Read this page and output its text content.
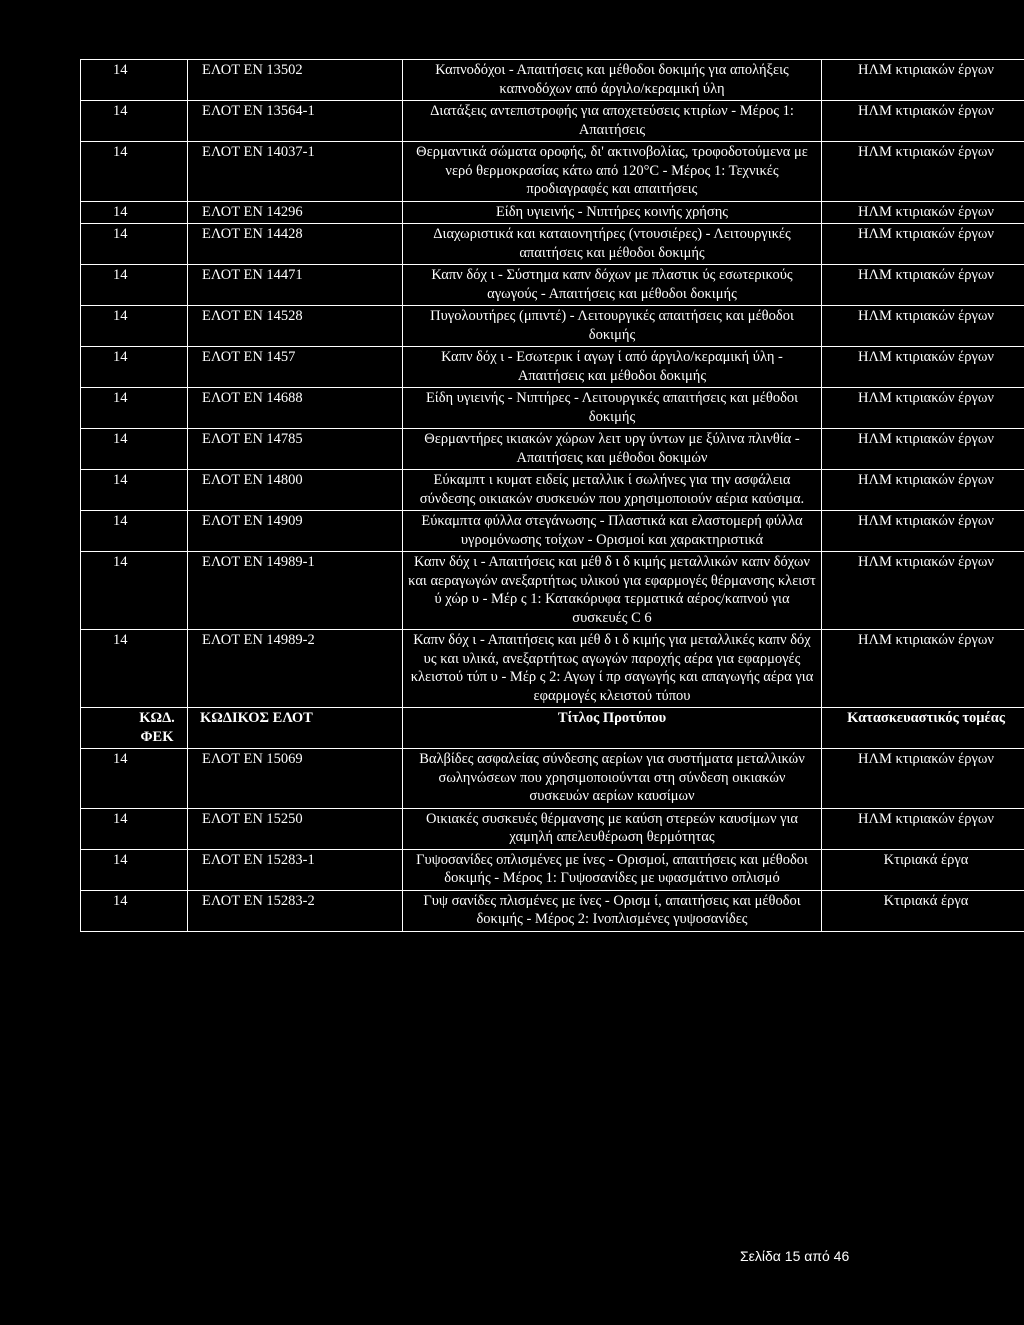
14	ΕΛΟΤ ΕΝ 13502	Καπνοδόχοι - Απαιτήσεις και μέθοδοι δοκιμής για απολήξεις καπνοδόχων από άργιλο/κεραμική ύλη	ΗΛΜ κτιριακών έργων
14	ΕΛΟΤ ΕΝ 13564-1	Διατάξεις αντεπιστροφής για αποχετεύσεις κτιρίων - Μέρος 1: Απαιτήσεις	ΗΛΜ κτιριακών έργων
14	ΕΛΟΤ ΕΝ 14037-1	Θερμαντικά σώματα οροφής, δι' ακτινοβολίας, τροφοδοτούμενα με νερό θερμοκρασίας κάτω από 120°C - Μέρος 1: Τεχνικές προδιαγραφές και απαιτήσεις	ΗΛΜ κτιριακών έργων
14	ΕΛΟΤ ΕΝ 14296	Είδη υγιεινής - Νιπτήρες κοινής χρήσης	ΗΛΜ κτιριακών έργων
14	ΕΛΟΤ ΕΝ 14428	Διαχωριστικά και καταιονητήρες (ντουσιέρες) - Λειτουργικές απαιτήσεις και μέθοδοι δοκιμής	ΗΛΜ κτιριακών έργων
14	ΕΛΟΤ ΕΝ 14471	Καπν δόχ ι - Σύστημα καπν δόχων με πλαστικ ύς εσωτερικούς αγωγούς - Απαιτήσεις και μέθοδοι δοκιμής	ΗΛΜ κτιριακών έργων
14	ΕΛΟΤ ΕΝ 14528	Πυγολουτήρες (μπιντέ) - Λειτουργικές απαιτήσεις και μέθοδοι δοκιμής	ΗΛΜ κτιριακών έργων
14	ΕΛΟΤ ΕΝ 1457	Καπν δόχ ι - Εσωτερικ ί αγωγ ί από άργιλο/κεραμική ύλη - Απαιτήσεις και μέθοδοι δοκιμής	ΗΛΜ κτιριακών έργων
14	ΕΛΟΤ ΕΝ 14688	Είδη υγιεινής - Νιπτήρες - Λειτουργικές απαιτήσεις και μέθοδοι δοκιμής	ΗΛΜ κτιριακών έργων
14	ΕΛΟΤ ΕΝ 14785	Θερμαντήρες ικιακών χώρων λειτ υργ ύντων με ξύλινα πλινθία - Απαιτήσεις και μέθοδοι δοκιμών	ΗΛΜ κτιριακών έργων
14	ΕΛΟΤ ΕΝ 14800	Εύκαμπτ ι κυματ ειδείς μεταλλικ ί σωλήνες για την ασφάλεια σύνδεσης οικιακών συσκευών που χρησιμοποιούν αέρια καύσιμα.	ΗΛΜ κτιριακών έργων
14	ΕΛΟΤ ΕΝ 14909	Εύκαμπτα φύλλα στεγάνωσης - Πλαστικά και ελαστομερή φύλλα υγρομόνωσης τοίχων - Ορισμοί και χαρακτηριστικά	ΗΛΜ κτιριακών έργων
14	ΕΛΟΤ ΕΝ 14989-1	Καπν δόχ ι - Απαιτήσεις και μέθ δ ι δ κιμής μεταλλικών καπν δόχων και αεραγωγών ανεξαρτήτως υλικού για εφαρμογές θέρμανσης κλειστ ύ χώρ υ - Μέρ ς 1: Κατακόρυφα τερματικά αέρος/καπνού για συσκευές C 6	ΗΛΜ κτιριακών έργων
14	ΕΛΟΤ ΕΝ 14989-2	Καπν δόχ ι - Απαιτήσεις και μέθ δ ι δ κιμής για μεταλλικές καπν δόχ υς και υλικά, ανεξαρτήτως αγωγών παροχής αέρα για εφαρμογές κλειστού τύπ υ - Μέρ ς 2: Αγωγ ί πρ σαγωγής και απαγωγής αέρα για εφαρμογές κλειστού τύπου	ΗΛΜ κτιριακών έργων
ΚΩΔ. ΦΕΚ	ΚΩΔΙΚΟΣ ΕΛΟΤ	Τίτλος Προτύπου	Κατασκευαστικός τομέας
14	ΕΛΟΤ ΕΝ 15069	Βαλβίδες ασφαλείας σύνδεσης αερίων για συστήματα μεταλλικών σωληνώσεων που χρησιμοποιούνται στη σύνδεση οικιακών συσκευών αερίων καυσίμων	ΗΛΜ κτιριακών έργων
14	ΕΛΟΤ ΕΝ 15250	Οικιακές συσκευές θέρμανσης με καύση στερεών καυσίμων για χαμηλή απελευθέρωση θερμότητας	ΗΛΜ κτιριακών έργων
14	ΕΛΟΤ ΕΝ 15283-1	Γυψοσανίδες οπλισμένες με ίνες - Ορισμοί, απαιτήσεις και μέθοδοι δοκιμής - Μέρος 1: Γυψοσανίδες με υφασμάτινο οπλισμό	Κτιριακά έργα
14	ΕΛΟΤ ΕΝ 15283-2	Γυψ σανίδες πλισμένες με ίνες - Ορισμ ί, απαιτήσεις και μέθοδοι δοκιμής - Μέρος 2: Ινοπλισμένες γυψοσανίδες	Κτιριακά έργα
Σελίδα 15 από 46
